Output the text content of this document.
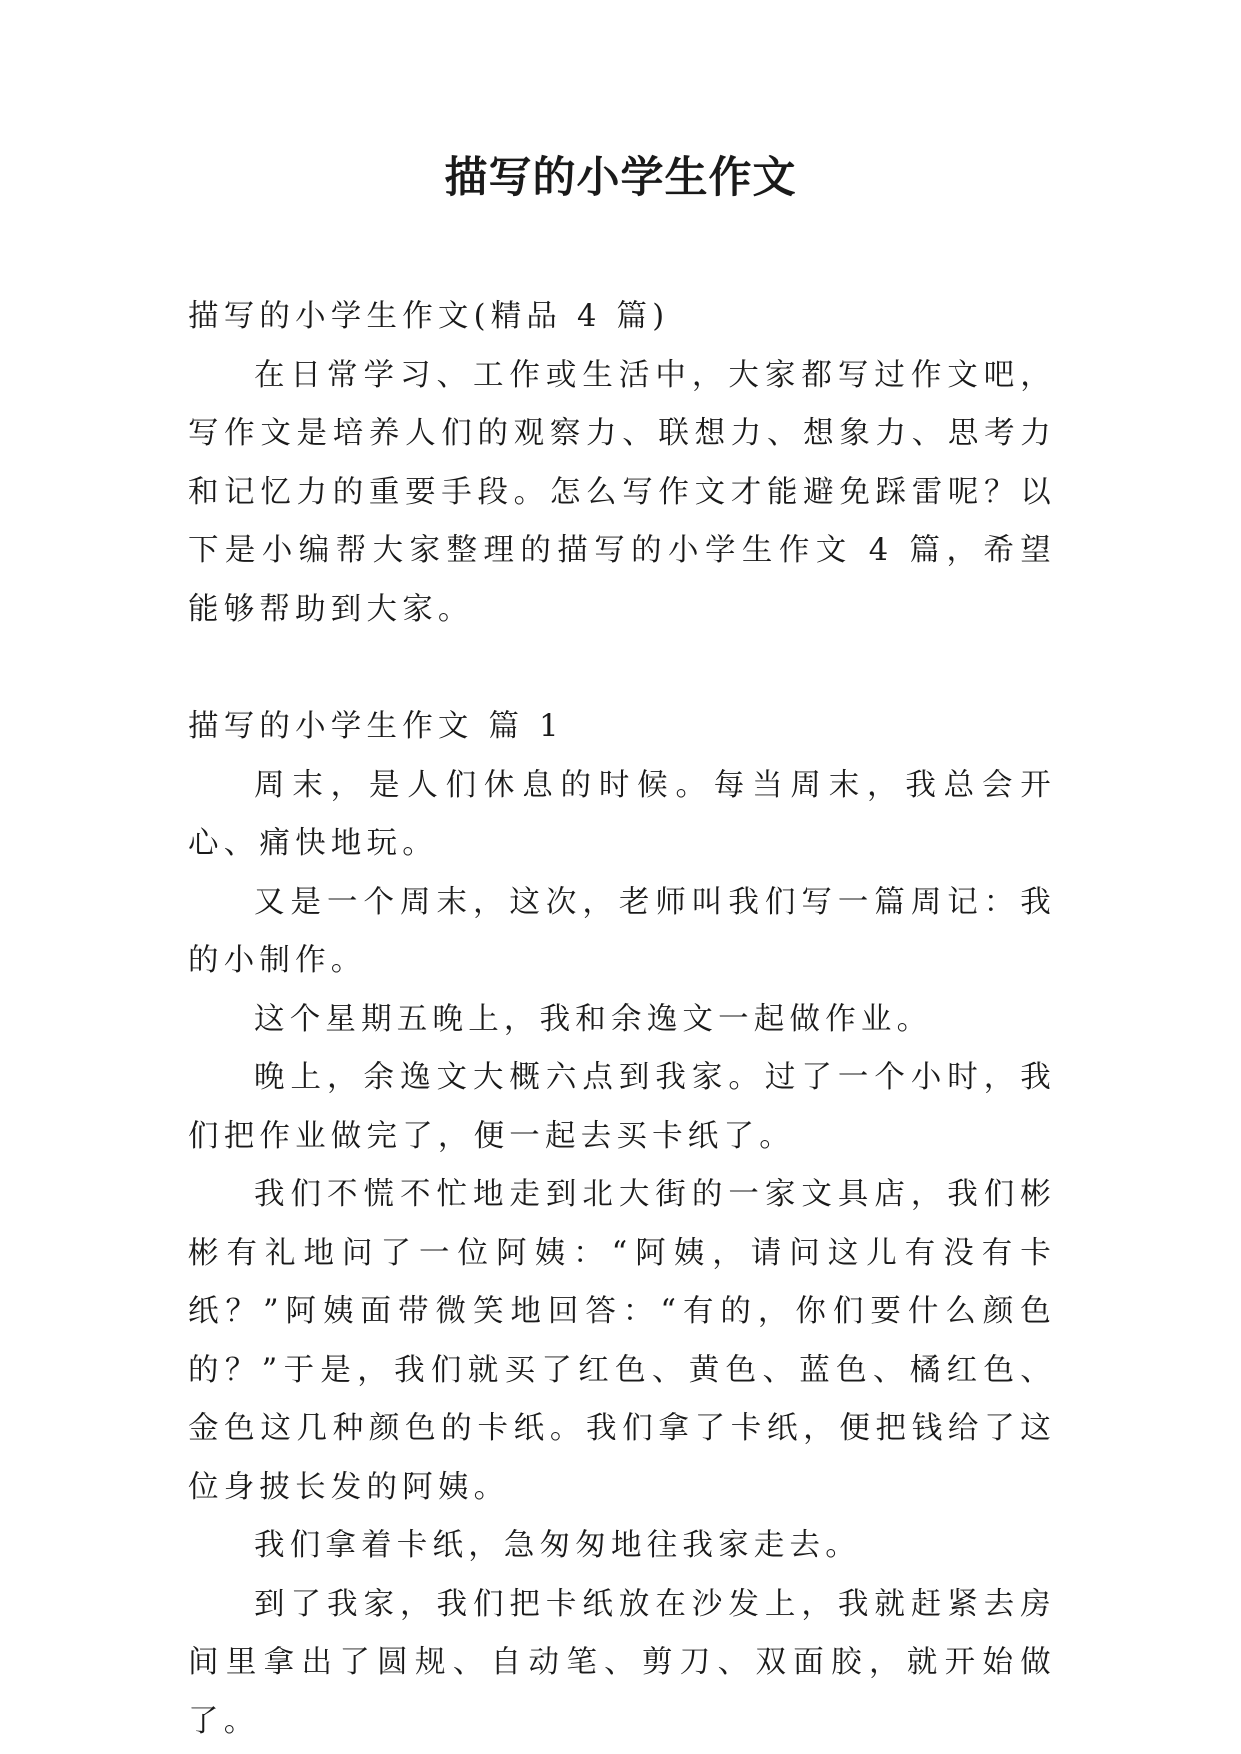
描写的小学生作文

描写的小学生作文(精品 4 篇)

在日常学习、工作或生活中，大家都写过作文吧，写作文是培养人们的观察力、联想力、想象力、思考力和记忆力的重要手段。怎么写作文才能避免踩雷呢？以下是小编帮大家整理的描写的小学生作文 4 篇，希望能够帮助到大家。

描写的小学生作文 篇 1

周末，是人们休息的时候。每当周末，我总会开心、痛快地玩。

又是一个周末，这次，老师叫我们写一篇周记：我的小制作。

这个星期五晚上，我和余逸文一起做作业。

晚上，余逸文大概六点到我家。过了一个小时，我们把作业做完了，便一起去买卡纸了。

我们不慌不忙地走到北大街的一家文具店，我们彬彬有礼地问了一位阿姨：“阿姨，请问这儿有没有卡纸？”阿姨面带微笑地回答：“有的，你们要什么颜色的？”于是，我们就买了红色、黄色、蓝色、橘红色、金色这几种颜色的卡纸。我们拿了卡纸，便把钱给了这位身披长发的阿姨。

我们拿着卡纸，急匆匆地往我家走去。

到了我家，我们把卡纸放在沙发上，我就赶紧去房间里拿出了圆规、自动笔、剪刀、双面胶，就开始做了。
